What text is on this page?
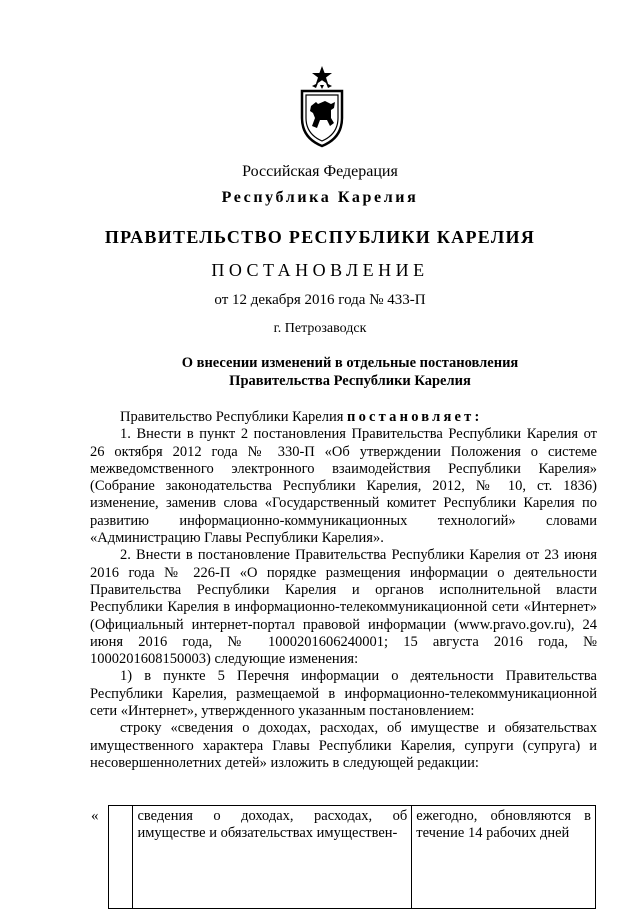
Российская Федерация
Республика Карелия
ПРАВИТЕЛЬСТВО РЕСПУБЛИКИ КАРЕЛИЯ
ПОСТАНОВЛЕНИЕ
от 12 декабря 2016 года № 433-П
г. Петрозаводск
О внесении изменений в отдельные постановления
Правительства Республики Карелия

Правительство Республики Карелия постановляет:

1. Внести в пункт 2 постановления Правительства Республики Карелия от 26 октября 2012 года № 330-П «Об утверждении Положения о системе межведомственного электронного взаимодействия Республики Карелия» (Собрание законодательства Республики Карелия, 2012, № 10, ст. 1836) изменение, заменив слова «Государственный комитет Республики Карелия по развитию информационно-коммуникационных технологий» словами «Администрацию Главы Республики Карелия».

2. Внести в постановление Правительства Республики Карелия от 23 июня 2016 года № 226-П «О порядке размещения информации о деятельности Правительства Республики Карелия и органов исполнительной власти Республики Карелия в информационно-телекоммуникационной сети «Интернет» (Официальный интернет-портал правовой информации (www.pravo.gov.ru), 24 июня 2016 года, № 1000201606240001; 15 августа 2016 года, № 1000201608150003) следующие изменения:

1) в пункте 5 Перечня информации о деятельности Правительства Республики Карелия, размещаемой в информационно-телекоммуникационной сети «Интернет», утвержденного указанным постановлением:

строку «сведения о доходах, расходах, об имуществе и обязательствах имущественного характера Главы Республики Карелия, супруги (супруга) и несовершеннолетних детей» изложить в следующей редакции:

«
		сведения о доходах, расходах, об имуществе и обязательствах имуществен-	ежегодно, обновляются в течение 14 рабочих дней
